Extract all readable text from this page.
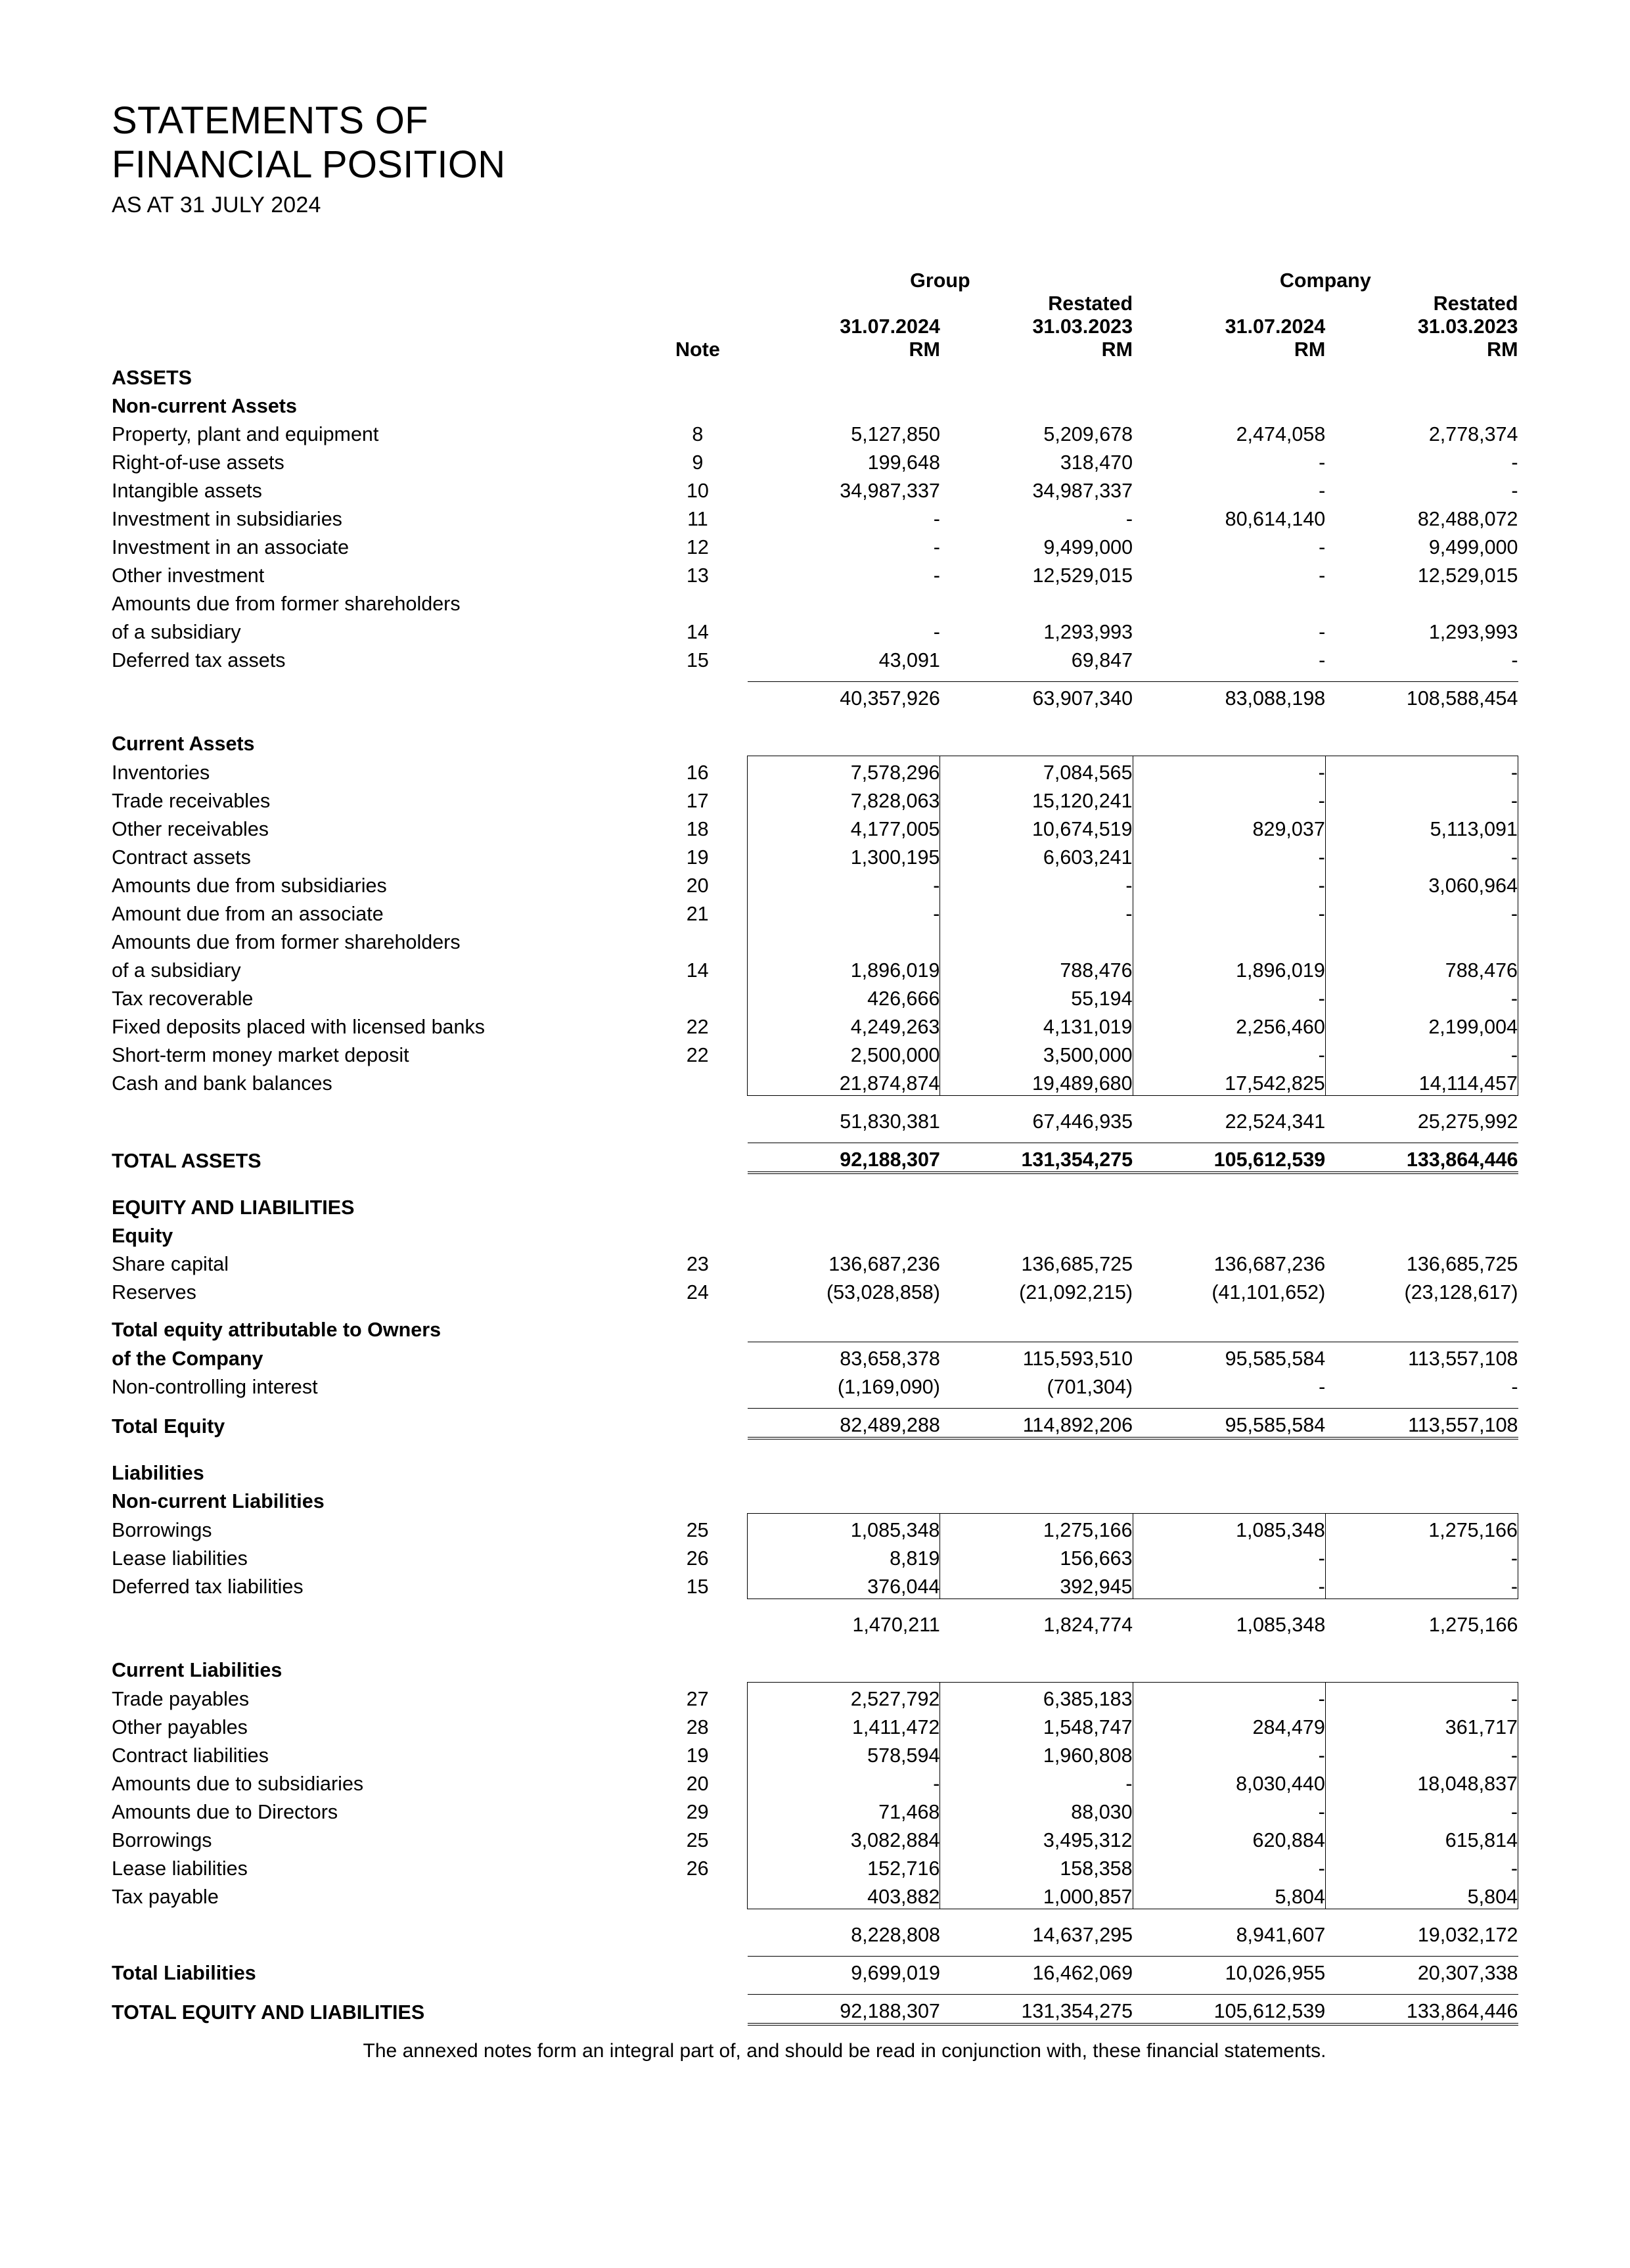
STATEMENTS OF
FINANCIAL POSITION
AS AT 31 JULY 2024
		Group		Company	
			Restated		Restated
		31.07.2024	31.03.2023	31.07.2024	31.03.2023
	Note	RM	RM	RM	RM
ASSETS					
Non-current Assets					
Property, plant and equipment	8	5,127,850	5,209,678	2,474,058	2,778,374
Right-of-use assets	9	199,648	318,470	-	-
Intangible assets	10	34,987,337	34,987,337	-	-
Investment in subsidiaries	11	-	-	80,614,140	82,488,072
Investment in an associate	12	-	9,499,000	-	9,499,000
Other investment	13	-	12,529,015	-	12,529,015
Amounts due from former shareholders					
of a subsidiary	14	-	1,293,993	-	1,293,993
Deferred tax assets	15	43,091	69,847	-	-

		40,357,926	63,907,340	83,088,198	108,588,454

Current Assets					
Inventories	16	7,578,296	7,084,565	-	-
Trade receivables	17	7,828,063	15,120,241	-	-
Other receivables	18	4,177,005	10,674,519	829,037	5,113,091
Contract assets	19	1,300,195	6,603,241	-	-
Amounts due from subsidiaries	20	-	-	-	3,060,964
Amount due from an associate	21	-	-	-	-
Amounts due from former shareholders					
of a subsidiary	14	1,896,019	788,476	1,896,019	788,476
Tax recoverable		426,666	55,194	-	-
Fixed deposits placed with licensed banks	22	4,249,263	4,131,019	2,256,460	2,199,004
Short-term money market deposit	22	2,500,000	3,500,000	-	-
Cash and bank balances		21,874,874	19,489,680	17,542,825	14,114,457

		51,830,381	67,446,935	22,524,341	25,275,992

TOTAL ASSETS		92,188,307	131,354,275	105,612,539	133,864,446

EQUITY AND LIABILITIES					
Equity					
Share capital	23	136,687,236	136,685,725	136,687,236	136,685,725
Reserves	24	(53,028,858)	(21,092,215)	(41,101,652)	(23,128,617)

Total equity attributable to Owners					
of the Company		83,658,378	115,593,510	95,585,584	113,557,108
Non-controlling interest		(1,169,090)	(701,304)	-	-

Total Equity		82,489,288	114,892,206	95,585,584	113,557,108

Liabilities					
Non-current Liabilities					
Borrowings	25	1,085,348	1,275,166	1,085,348	1,275,166
Lease liabilities	26	8,819	156,663	-	-
Deferred tax liabilities	15	376,044	392,945	-	-

		1,470,211	1,824,774	1,085,348	1,275,166

Current Liabilities					
Trade payables	27	2,527,792	6,385,183	-	-
Other payables	28	1,411,472	1,548,747	284,479	361,717
Contract liabilities	19	578,594	1,960,808	-	-
Amounts due to subsidiaries	20	-	-	8,030,440	18,048,837
Amounts due to Directors	29	71,468	88,030	-	-
Borrowings	25	3,082,884	3,495,312	620,884	615,814
Lease liabilities	26	152,716	158,358	-	-
Tax payable		403,882	1,000,857	5,804	5,804

		8,228,808	14,637,295	8,941,607	19,032,172

Total Liabilities		9,699,019	16,462,069	10,026,955	20,307,338

TOTAL EQUITY AND LIABILITIES		92,188,307	131,354,275	105,612,539	133,864,446
The annexed notes form an integral part of, and should be read in conjunction with, these financial statements.
